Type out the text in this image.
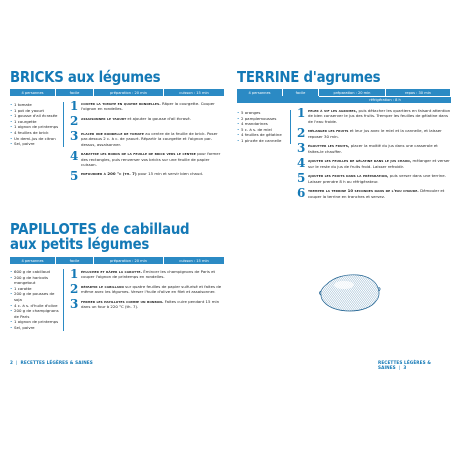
BRICKS aux légumes
4 personnes	facile	préparation : 20 min	cuisson : 15 min
• 1 tomate
• 1 pot de yaourt
• 1 gousse d'ail écrasée
• 1 courgette
• 1 oignon de printemps
• 4 feuilles de brick
• Un demi-jus de citron
• Sel, poivre
1 couper la tomate en quatre rondelles. Râper la courgette. Couper l'oignon en rondelles.
2 assaisonner le yaourt et ajouter la gousse d'ail écrasé.
3 placer une rondelle de tomate au centre de la feuille de brick. Poser par-dessus 2 c. à c. de yaourt. Répartir la courgette et l'oignon par-dessus, assaisonner.
4 rabattre les bords de la feuille de brick vers le centre pour former des rectangles, puis renverser vos bricks sur une feuille de papier cuisson.
5 enfourner à 200 °c (th. 7) pour 15 min et servir bien chaud.
PAPILLOTES de cabillaud
aux petits légumes
4 personnes	facile	préparation : 20 min	cuisson : 15 min
• 600 g de cabillaud
• 200 g de haricots mangetout
• 1 carotte
• 200 g de pousses de soja
• 4 c. à s. d'huile d'olive
• 200 g de champignons de Paris
• 1 oignon de printemps
• Sel, poivre
1 éplucher et râper la carotte. Émincer les champignons de Paris et couper l'oignon de printemps en rondelles.
2 répartir le cabillaud sur quatre feuilles de papier sulfurisé et faites de même avec les légumes. Verser l'huile d'olive en filet et assaisonner.
3 fermer les papillotes comme un bonbon. Faites cuire pendant 15 min dans un four à 220 °C (th. 7).
TERRINE d'agrumes
4 personnes	facile	préparation : 20 min	repos : 30 min
réfrigération : 8 h
• 5 oranges
• 2 pamplemousses
• 4 mandarines
• 5 c. à s. de miel
• 4 feuilles de gélatine
• 1 pincée de cannelle
1 peler à vif les agrumes, puis détacher les quartiers en faisant attention de bien conserver le jus des fruits. Tremper les feuilles de gélatine dans de l'eau froide.
2 mélanger les fruits et leur jus avec le miel et la cannelle, et laisser reposer 30 min.
3 égoutter les fruits, placer la moitié du jus dans une casserole et faites-le chauffer.
4 ajouter les feuilles de gélatine dans le jus chaud, mélanger et verser sur le reste du jus de fruits froid. Laisser refroidir.
5 ajouter les fruits dans la préparation, puis verser dans une terrine. Laisser prendre 8 h au réfrigérateur.
6 tremper la terrine 10 secondes dans de l'eau chaude. Démouler et couper la terrine en tranches et servez.
2 | RECETTES LÉGÈRES & SAINES	RECETTES LÉGÈRES & SAINES | 3
